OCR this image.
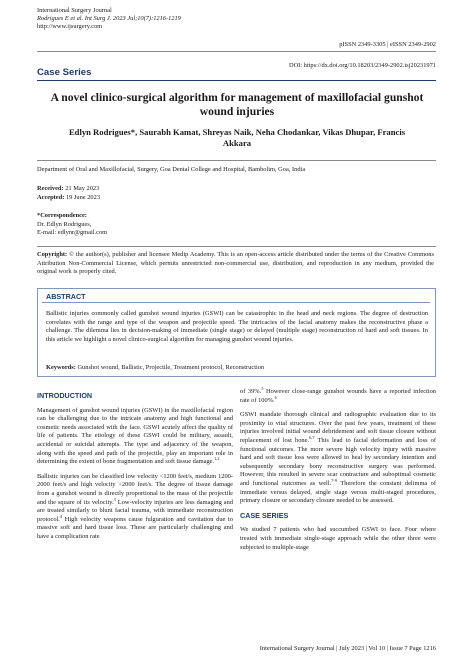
International Surgery Journal
Rodrigues E et al. Int Surg J. 2023 Jul;10(7):1216-1219
http://www.ijsurgery.com
pISSN 2349-3305 | eISSN 2349-2902
Case Series
DOI: https://dx.doi.org/10.18203/2349-2902.isj20231971
A novel clinico-surgical algorithm for management of maxillofacial gunshot wound injuries
Edlyn Rodrigues*, Saurabh Kamat, Shreyas Naik, Neha Chodankar, Vikas Dhupar, Francis Akkara
Department of Oral and Maxillofacial, Surgery, Goa Dental College and Hospital, Bambolim, Goa, India
Received: 21 May 2023
Accepted: 19 June 2023
*Correspondence:
Dr. Edlyn Rodrigues,
E-mail: edlynr@gmail.com
Copyright: © the author(s), publisher and licensee Medip Academy. This is an open-access article distributed under the terms of the Creative Commons Attribution Non-Commercial License, which permits unrestricted non-commercial use, distribution, and reproduction in any medium, provided the original work is properly cited.
ABSTRACT
Ballistic injuries commonly called gunshot wound injuries (GSWI) can be catastrophic in the head and neck regions. The degree of destruction correlates with the range and type of the weapon and projectile speed. The intricacies of the facial anatomy makes the reconstructive phase a challenge. The dilemma lies in decision-making of immediate (single stage) or delayed (multiple stage) reconstruction of hard and soft tissues. In this article we highlight a novel clinico-surgical algorithm for managing gunshot wound injuries.
Keywords: Gunshot wound, Ballistic, Projectile, Treatment protocol, Reconstruction
INTRODUCTION
Management of gunshot wound injuries (GSWI) in the maxillofacial region can be challenging due to the intricate anatomy and high functional and cosmetic needs associated with the face. GSWI acutely affect the quality of life of patients. The etiology of these GSWI could be military, assault, accidental or suicidal attempts. The type and adjacency of the weapon, along with the speed and path of the projectile, play an important role in determining the extent of bone fragmentation and soft tissue damage.$^{1,2}$
Ballistic injuries can be classified low velocity <1200 feet/s, medium 1200-2000 feet/s and high velocity >2000 feet/s. The degree of tissue damage from a gunshot wound is directly proportional to the mass of the projectile and the square of its velocity.$^3$ Low-velocity injuries are less damaging and are treated similarly to blunt facial trauma, with immediate reconstruction protocol.$^4$ High velocity weapons cause fulguration and cavitation due to massive soft and hard tissue loss. These are particularly challenging and have a complication rate
of 39%.$^5$ However close-range gunshot wounds have a reported infection rate of 100%.$^6$
GSWI mandate thorough clinical and radiographic evaluation due to its proximity to vital structures. Over the past few years, treatment of these injuries involved initial wound debridement and soft tissue closure without replacement of lost bone.$^{6,7}$ This lead to facial deformation and loss of functional outcomes. The more severe high velocity injury with massive hard and soft tissue loss were allowed to heal by secondary intention and subsequently secondary bony reconstructive surgery was performed. However, this resulted in severe scar contracture and suboptimal cosmetic and functional outcomes as well.$^{7-9}$ Therefore the constant delimma of immediate versus delayed, single stage versus multi-staged procedures, primary closure or secondary closure needed to be assessed.
CASE SERIES
We studied 7 patients who had succumbed GSWI to face. Four where treated with immediate single-stage approach while the other three were subjected to multiple-stage
International Surgery Journal | July 2023 | Vol 10 | Issue 7 Page 1216
